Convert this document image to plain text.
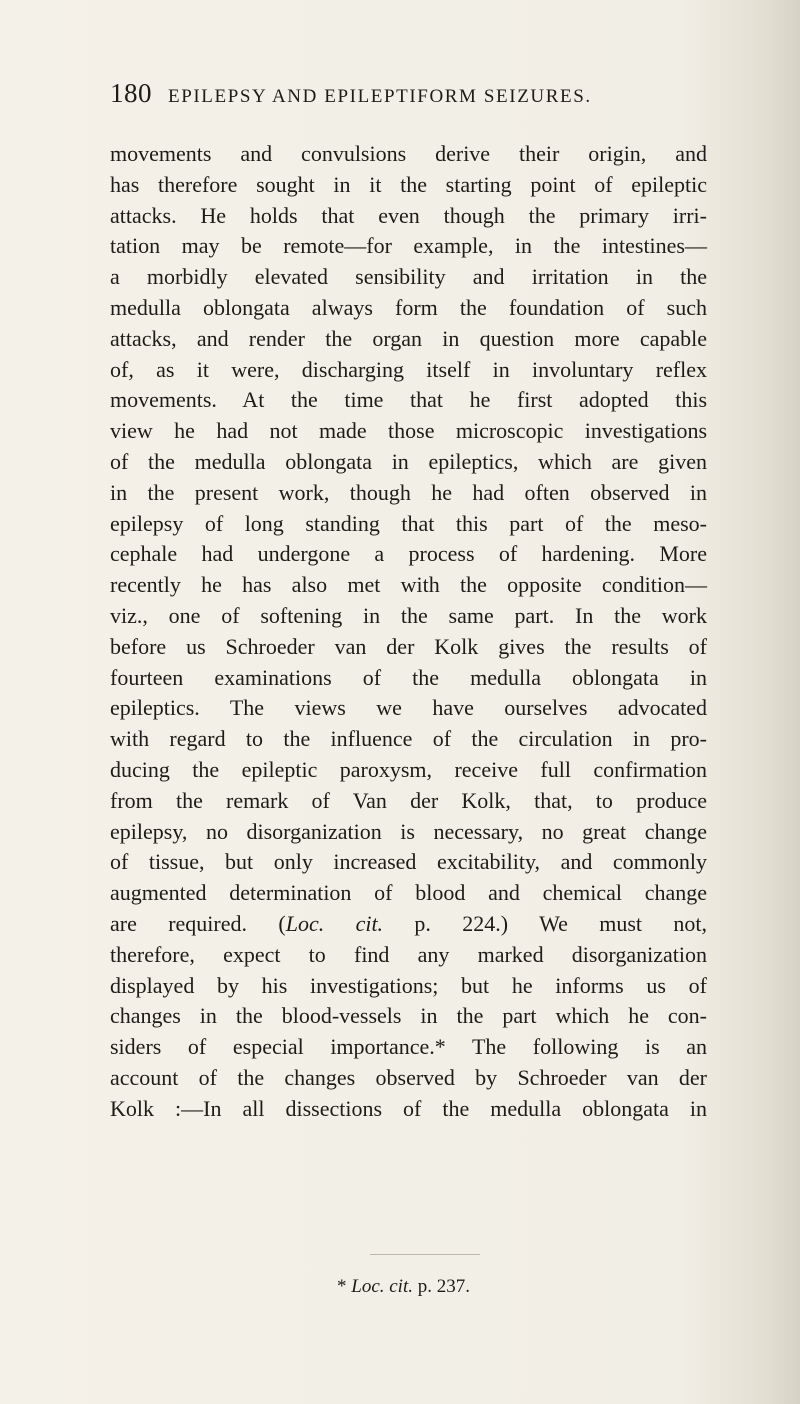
180 EPILEPSY AND EPILEPTIFORM SEIZURES.
movements and convulsions derive their origin, and
has therefore sought in it the starting point of epileptic
attacks. He holds that even though the primary irri-
tation may be remote—for example, in the intestines—
a morbidly elevated sensibility and irritation in the
medulla oblongata always form the foundation of such
attacks, and render the organ in question more capable
of, as it were, discharging itself in involuntary reflex
movements. At the time that he first adopted this
view he had not made those microscopic investigations
of the medulla oblongata in epileptics, which are given
in the present work, though he had often observed in
epilepsy of long standing that this part of the meso-
cephale had undergone a process of hardening. More
recently he has also met with the opposite condition—
viz., one of softening in the same part. In the work
before us Schroeder van der Kolk gives the results of
fourteen examinations of the medulla oblongata in
epileptics. The views we have ourselves advocated
with regard to the influence of the circulation in pro-
ducing the epileptic paroxysm, receive full confirmation
from the remark of Van der Kolk, that, to produce
epilepsy, no disorganization is necessary, no great change
of tissue, but only increased excitability, and commonly
augmented determination of blood and chemical change
are required. (Loc. cit. p. 224.) We must not,
therefore, expect to find any marked disorganization
displayed by his investigations; but he informs us of
changes in the blood-vessels in the part which he con-
siders of especial importance.* The following is an
account of the changes observed by Schroeder van der
Kolk :—In all dissections of the medulla oblongata in
* Loc. cit. p. 237.
